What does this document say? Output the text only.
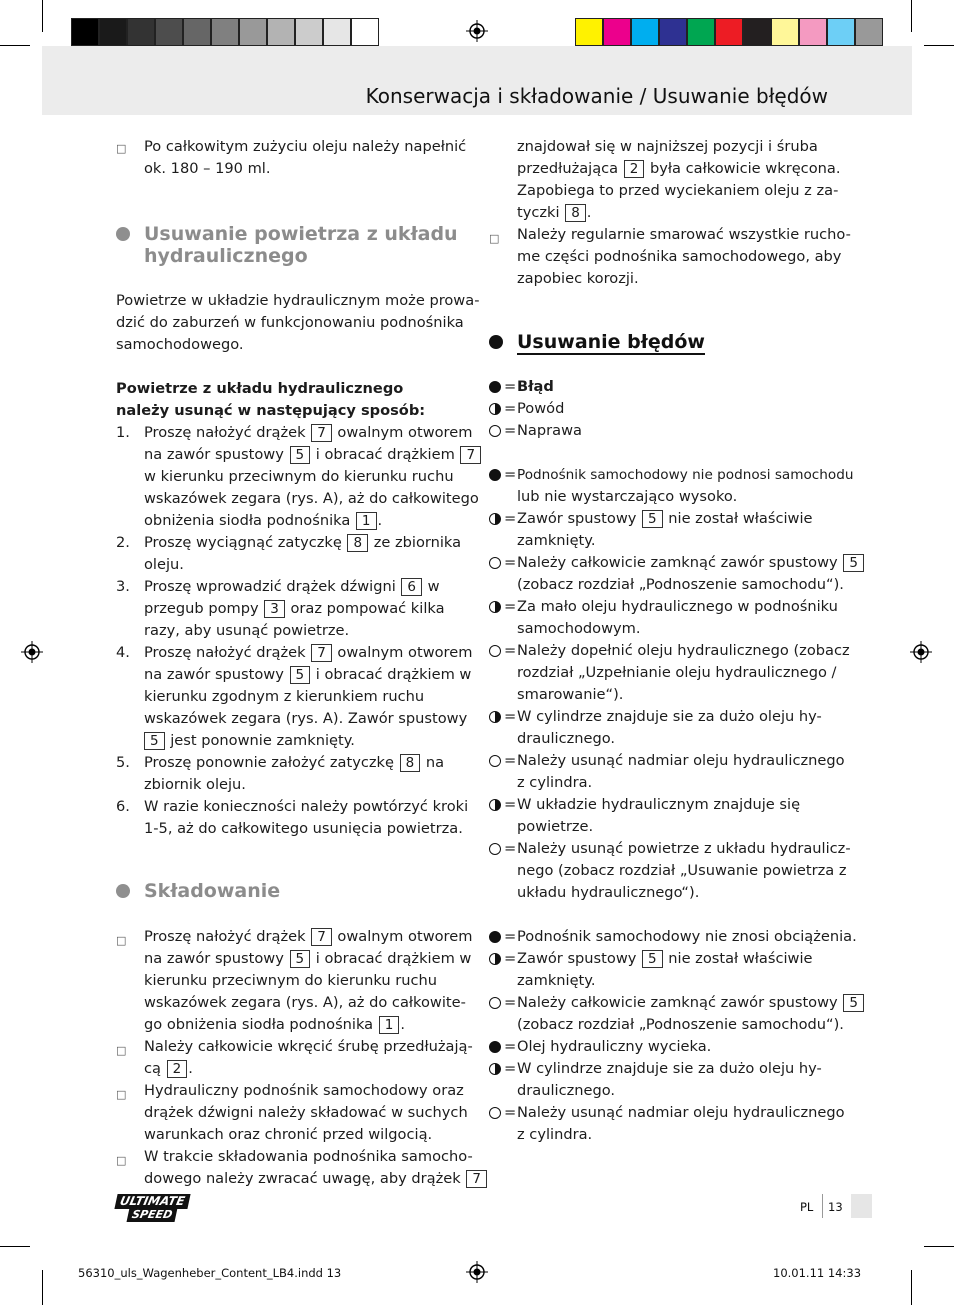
Konserwacja i składowanie / Usuwanie błędów
□ Po całkowitym zużyciu oleju należy napełnić
ok. 180 – 190 ml.
Usuwanie powietrza z układu
hydraulicznego
Powietrze w układzie hydraulicznym może prowa-
dzić do zaburzeń w funkcjonowaniu podnośnika
samochodowego.
Powietrze z układu hydraulicznego
należy usunąć w następujący sposób:
1. Proszę nałożyć drążek 7 owalnym otworem
na zawór spustowy 5 i obracać drążkiem 7
w kierunku przeciwnym do kierunku ruchu
wskazówek zegara (rys. A), aż do całkowitego
obniżenia siodła podnośnika 1 .
2. Proszę wyciągnąć zatyczkę 8 ze zbiornika
oleju.
3. Proszę wprowadzić drążek dźwigni 6 w
przegub pompy 3 oraz pompować kilka
razy, aby usunąć powietrze.
4. Proszę nałożyć drążek 7 owalnym otworem
na zawór spustowy 5 i obracać drążkiem w
kierunku zgodnym z kierunkiem ruchu
wskazówek zegara (rys. A). Zawór spustowy
5 jest ponownie zamknięty.
5. Proszę ponownie założyć zatyczkę 8 na
zbiornik oleju.
6. W razie konieczności należy powtórzyć kroki
1-5, aż do całkowitego usunięcia powietrza.
Składowanie
□ Proszę nałożyć drążek 7 owalnym otworem
na zawór spustowy 5 i obracać drążkiem w
kierunku przeciwnym do kierunku ruchu
wskazówek zegara (rys. A), aż do całkowite-
go obniżenia siodła podnośnika 1 .
□ Należy całkowicie wkręcić śrubę przedłużają-
cą 2 .
□ Hydrauliczny podnośnik samochodowy oraz
drążek dźwigni należy składować w suchych
warunkach oraz chronić przed wilgocią.
□ W trakcie składowania podnośnika samocho-
dowego należy zwracać uwagę, aby drążek 7
znajdował się w najniższej pozycji i śruba
przedłużająca 2 była całkowicie wkręcona.
Zapobiega to przed wyciekaniem oleju z za-
tyczki 8 .
□ Należy regularnie smarować wszystkie rucho-
me części podnośnika samochodowego, aby
zapobiec korozji.
Usuwanie błędów
= Błąd
= Powód
= Naprawa
= Podnośnik samochodowy nie podnosi samochodu
lub nie wystarczająco wysoko.
= Zawór spustowy 5 nie został właściwie
zamknięty.
= Należy całkowicie zamknąć zawór spustowy 5
(zobacz rozdział „Podnoszenie samochodu“).
= Za mało oleju hydraulicznego w podnośniku
samochodowym.
= Należy dopełnić oleju hydraulicznego (zobacz
rozdział „Uzpełnianie oleju hydraulicznego /
smarowanie“).
= W cylindrze znajduje sie za dużo oleju hy-
draulicznego.
= Należy usunąć nadmiar oleju hydraulicznego
z cylindra.
= W układzie hydraulicznym znajduje się
powietrze.
= Należy usunąć powietrze z układu hydraulicz-
nego (zobacz rozdział „Usuwanie powietrza z
układu hydraulicznego“).
= Podnośnik samochodowy nie znosi obciążenia.
= Zawór spustowy 5 nie został właściwie
zamknięty.
= Należy całkowicie zamknąć zawór spustowy 5
(zobacz rozdział „Podnoszenie samochodu“).
= Olej hydrauliczny wycieka.
= W cylindrze znajduje sie za dużo oleju hy-
draulicznego.
= Należy usunąć nadmiar oleju hydraulicznego
z cylindra.
ULTIMATE
SPEED
PL 13
56310_uls_Wagenheber_Content_LB4.indd 13	10.01.11 14:33
